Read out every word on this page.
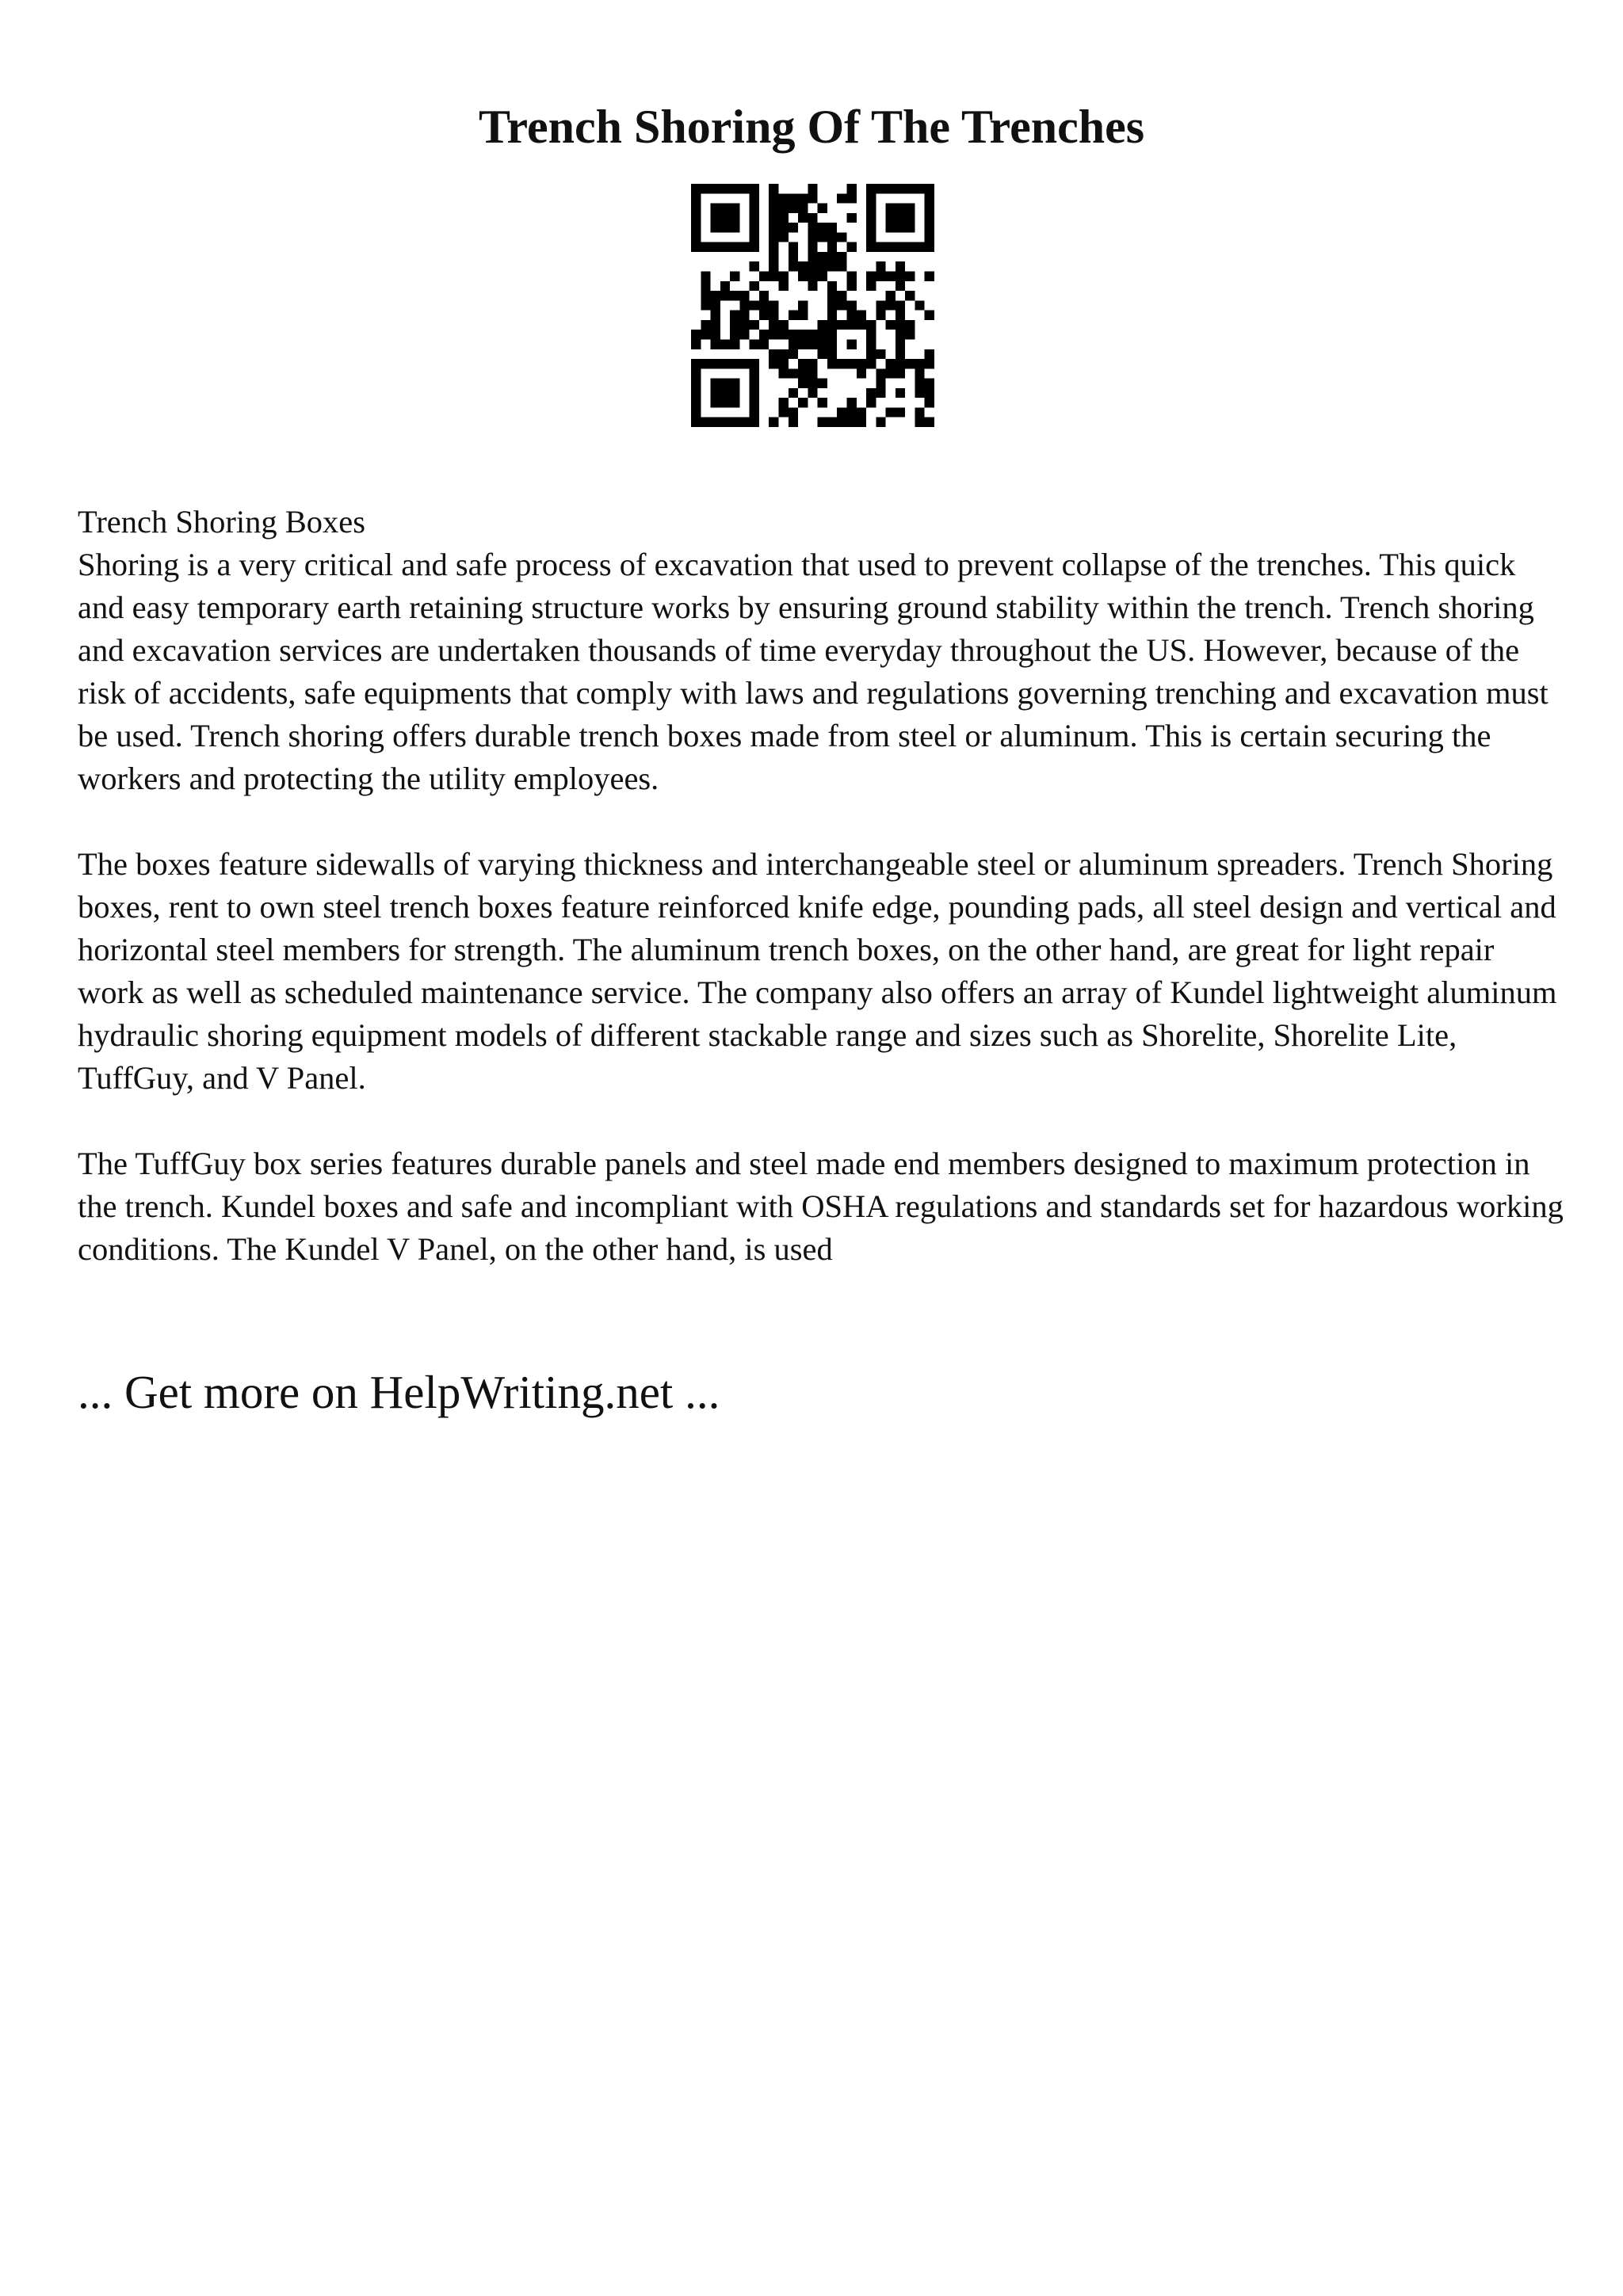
Trench Shoring Of The Trenches

Trench Shoring Boxes

Shoring is a very critical and safe process of excavation that used to prevent collapse of the trenches. This quick and easy temporary earth retaining structure works by ensuring ground stability within the trench. Trench shoring and excavation services are undertaken thousands of time everyday throughout the US. However, because of the risk of accidents, safe equipments that comply with laws and regulations governing trenching and excavation must be used. Trench shoring offers durable trench boxes made from steel or aluminum. This is certain securing the workers and protecting the utility employees.

The boxes feature sidewalls of varying thickness and interchangeable steel or aluminum spreaders. Trench Shoring boxes, rent to own steel trench boxes feature reinforced knife edge, pounding pads, all steel design and vertical and horizontal steel members for strength. The aluminum trench boxes, on the other hand, are great for light repair work as well as scheduled maintenance service. The company also offers an array of Kundel lightweight aluminum hydraulic shoring equipment models of different stackable range and sizes such as Shorelite, Shorelite Lite, TuffGuy, and V Panel.

The TuffGuy box series features durable panels and steel made end members designed to maximum protection in the trench. Kundel boxes and safe and incompliant with OSHA regulations and standards set for hazardous working conditions. The Kundel V Panel, on the other hand, is used

... Get more on HelpWriting.net ...
